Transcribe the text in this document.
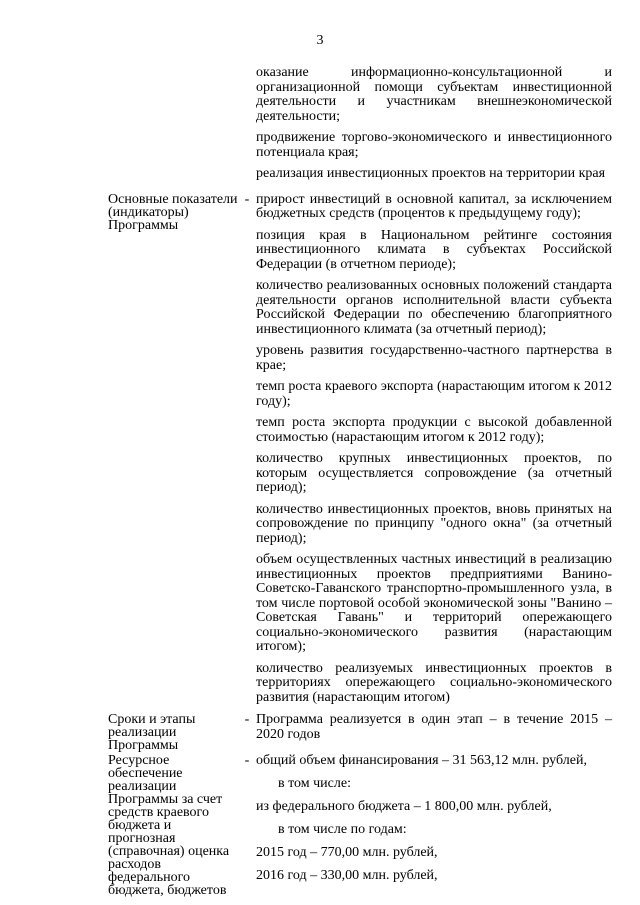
3

оказание информационно-консультационной и организационной помощи субъектам инвестиционной деятельности и участникам внешнеэкономической деятельности;

продвижение торгово-экономического и инвестиционного потенциала края;

реализация инвестиционных проектов на территории края

Основные показатели (индикаторы) Программы
- прирост инвестиций в основной капитал, за исключением бюджетных средств (процентов к предыдущему году);

позиция края в Национальном рейтинге состояния инвестиционного климата в субъектах Российской Федерации (в отчетном периоде);

количество реализованных основных положений стандарта деятельности органов исполнительной власти субъекта Российской Федерации по обеспечению благоприятного инвестиционного климата (за отчетный период);

уровень развития государственно-частного партнерства в крае;

темп роста краевого экспорта (нарастающим итогом к 2012 году);

темп роста экспорта продукции с высокой добавленной стоимостью (нарастающим итогом к 2012 году);

количество крупных инвестиционных проектов, по которым осуществляется сопровождение (за отчетный период);

количество инвестиционных проектов, вновь принятых на сопровождение по принципу "одного окна" (за отчетный период);

объем осуществленных частных инвестиций в реализацию инвестиционных проектов предприятиями Ванино-Советско-Гаванского транспортно-промышленного узла, в том числе портовой особой экономической зоны "Ванино – Советская Гавань" и территорий опережающего социально-экономического развития (нарастающим итогом);

количество реализуемых инвестиционных проектов в территориях опережающего социально-экономического развития (нарастающим итогом)

Сроки и этапы реализации Программы
- Программа реализуется в один этап – в течение 2015 – 2020 годов

Ресурсное обеспечение реализации Программы за счет средств краевого бюджета и прогнозная (справочная) оценка расходов федерального бюджета, бюджетов
- общий объем финансирования – 31 563,12 млн. рублей,

в том числе:

из федерального бюджета – 1 800,00 млн. рублей,

в том числе по годам:

2015 год – 770,00 млн. рублей,

2016 год – 330,00 млн. рублей,
